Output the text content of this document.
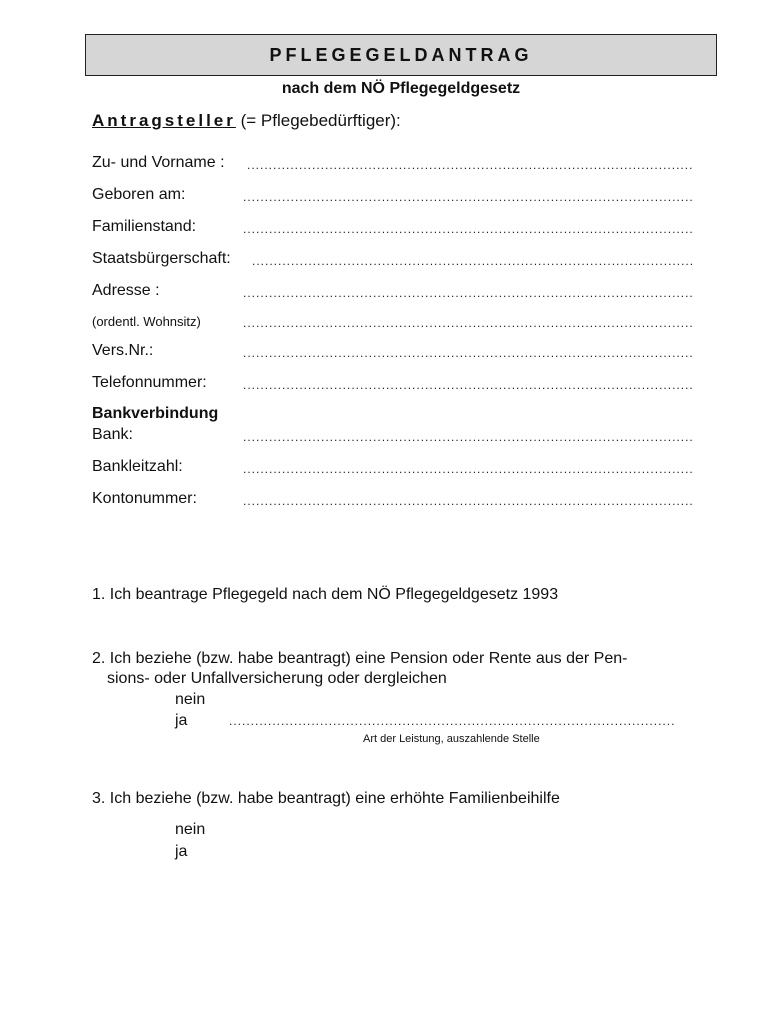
PFLEGEGELDANTRAG
nach dem NÖ Pflegegeldgesetz
Antragsteller (= Pflegebedürftiger):
Zu- und Vorname :
.....
Geboren am:
.....
Familienstand:
.....
Staatsbürgerschaft:
.....
Adresse :
.....
(ordentl. Wohnsitz)
.....
Vers.Nr.:
.....
Telefonnummer:
.....
Bankverbindung
Bank:
.....
Bankleitzahl:
.....
Kontonummer:
.....
1. Ich beantrage Pflegegeld nach dem NÖ Pflegegeldgesetz 1993
2. Ich beziehe (bzw. habe beantragt) eine Pension oder Rente aus der Pen-
sions- oder Unfallversicherung oder dergleichen
nein
ja
.....
Art der Leistung, auszahlende Stelle
3. Ich beziehe (bzw. habe beantragt) eine erhöhte Familienbeihilfe
nein
ja
